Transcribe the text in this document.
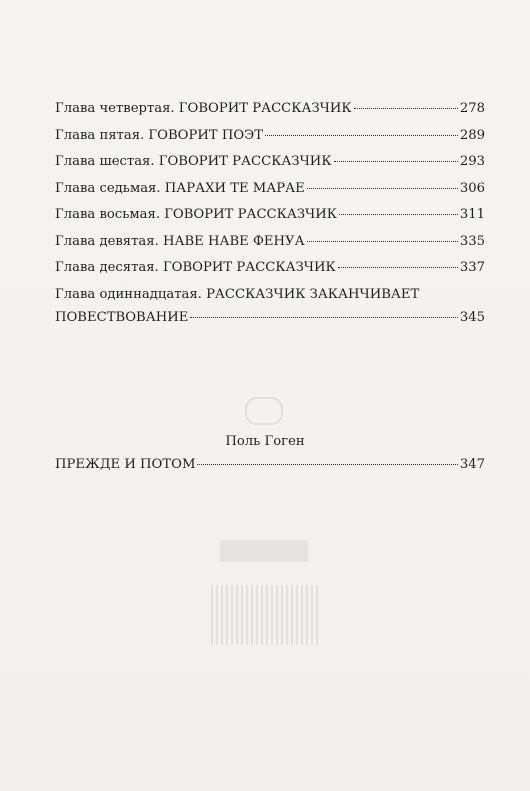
Глава четвертая. ГОВОРИТ РАССКАЗЧИК	278
Глава пятая. ГОВОРИТ ПОЭТ	289
Глава шестая. ГОВОРИТ РАССКАЗЧИК	293
Глава седьмая. ПАРАХИ ТЕ МАРАЕ	306
Глава восьмая. ГОВОРИТ РАССКАЗЧИК	311
Глава девятая. НАВЕ НАВЕ ФЕНУА	335
Глава десятая. ГОВОРИТ РАССКАЗЧИК	337
Глава одиннадцатая. РАССКАЗЧИК ЗАКАНЧИВАЕТ
ПОВЕСТВОВАНИЕ	345
Поль Гоген
ПРЕЖДЕ И ПОТОМ	347
